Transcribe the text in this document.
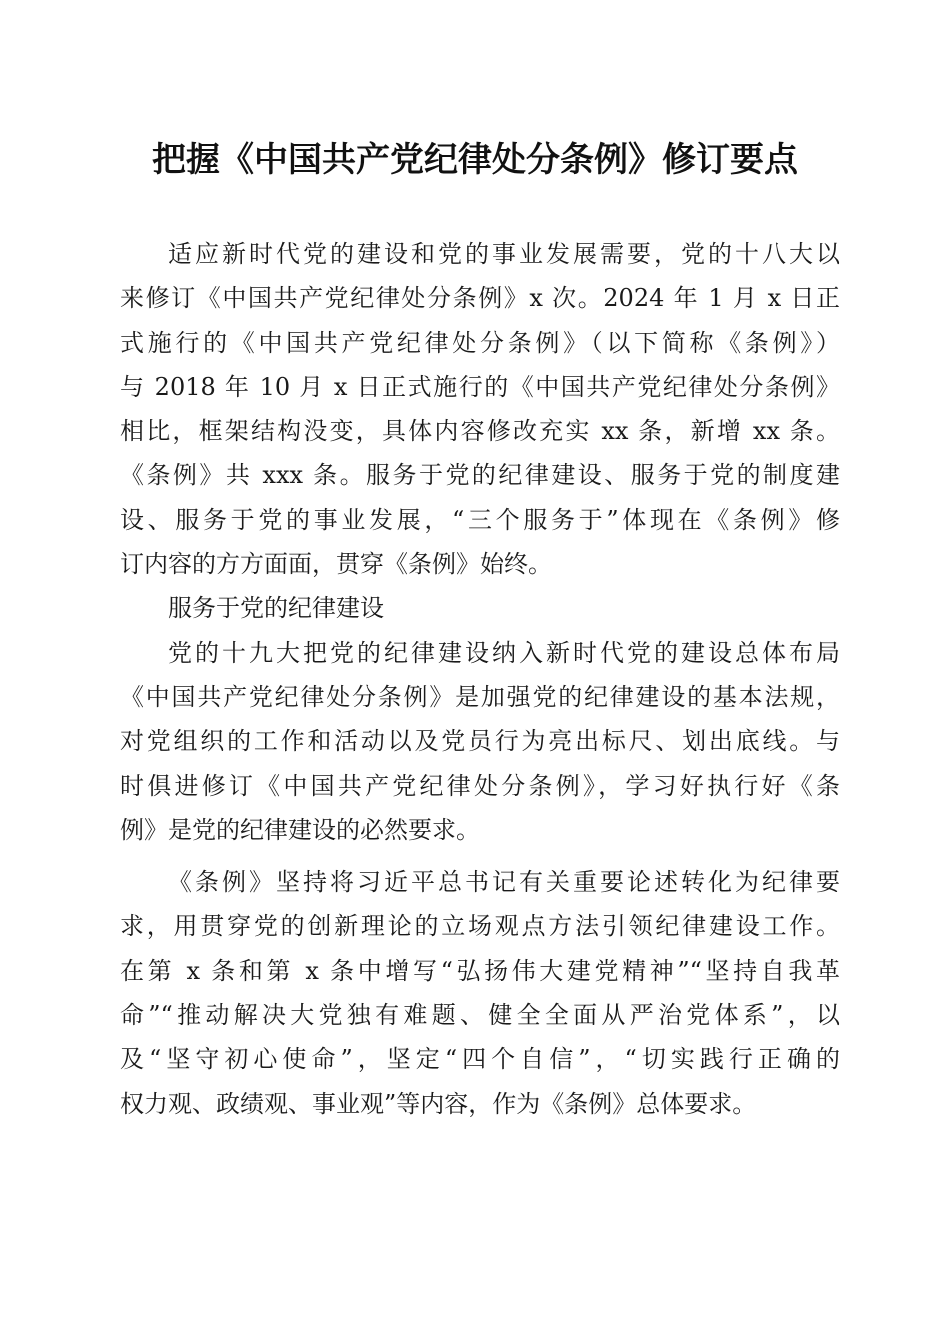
把握《中国共产党纪律处分条例》修订要点
适应新时代党的建设和党的事业发展需要，党的十八大以
来修订《中国共产党纪律处分条例》x 次。2024 年 1 月 x 日正
式施行的《中国共产党纪律处分条例》（以下简称《条例》）
与 2018 年 10 月 x 日正式施行的《中国共产党纪律处分条例》
相比，框架结构没变，具体内容修改充实 xx 条，新增 xx 条。
《条例》共 xxx 条。服务于党的纪律建设、服务于党的制度建
设、服务于党的事业发展，“三个服务于”体现在《条例》修
订内容的方方面面，贯穿《条例》始终。
服务于党的纪律建设
党的十九大把党的纪律建设纳入新时代党的建设总体布局
《中国共产党纪律处分条例》是加强党的纪律建设的基本法规，
对党组织的工作和活动以及党员行为亮出标尺、划出底线。与
时俱进修订《中国共产党纪律处分条例》，学习好执行好《条
例》是党的纪律建设的必然要求。
《条例》坚持将习近平总书记有关重要论述转化为纪律要
求，用贯穿党的创新理论的立场观点方法引领纪律建设工作。
在第 x 条和第 x 条中增写“弘扬伟大建党精神”“坚持自我革
命”“推动解决大党独有难题、健全全面从严治党体系”，以
及“坚守初心使命”，坚定“四个自信”，“切实践行正确的
权力观、政绩观、事业观”等内容，作为《条例》总体要求。
